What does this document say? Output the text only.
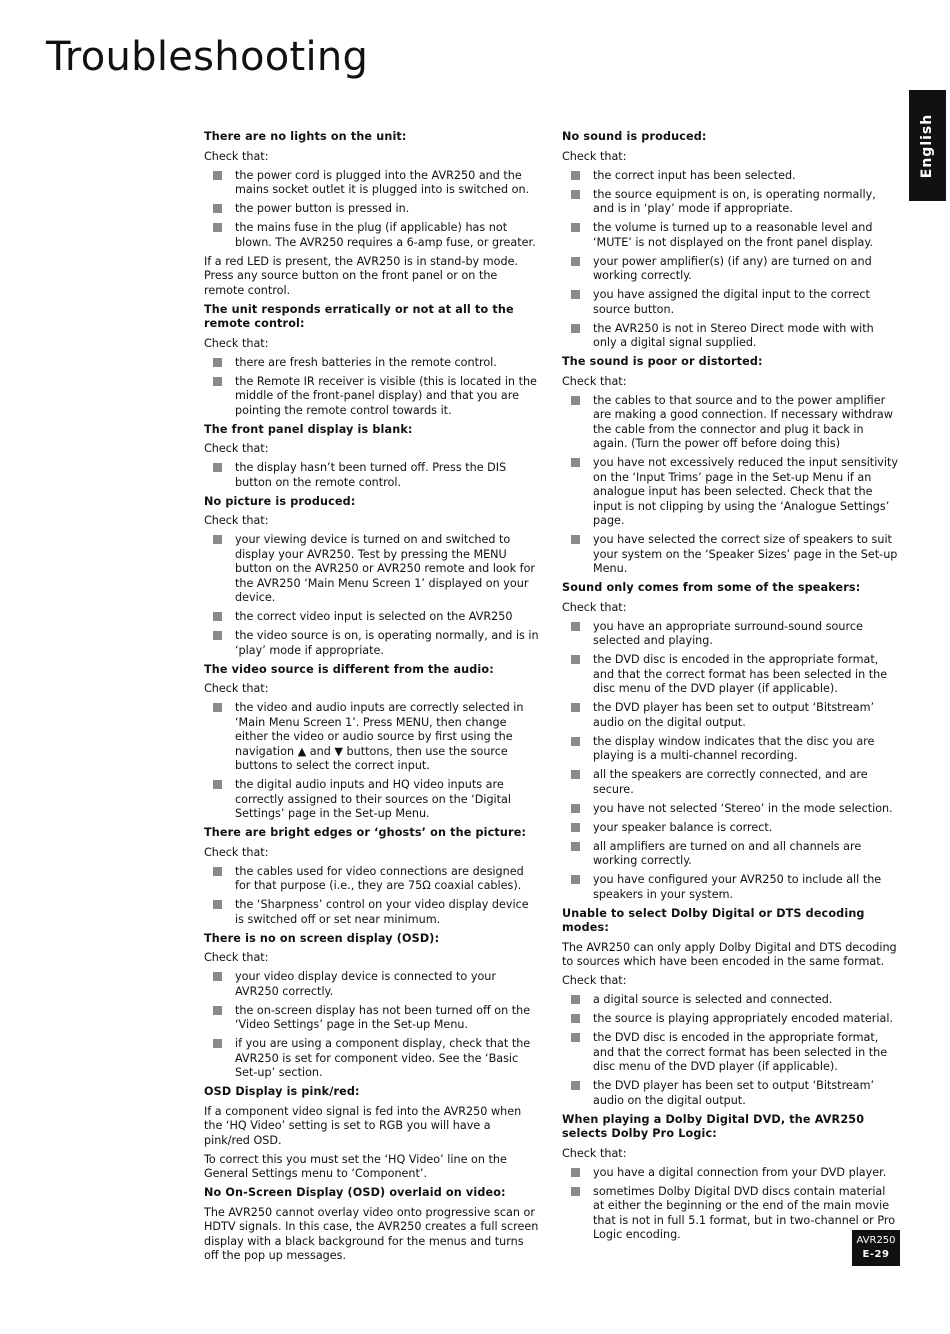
Troubleshooting
English
There are no lights on the unit:
Check that:
the power cord is plugged into the AVR250 and the mains socket outlet it is plugged into is switched on.
the power button is pressed in.
the mains fuse in the plug (if applicable) has not blown. The AVR250 requires a 6-amp fuse, or greater.
If a red LED is present, the AVR250 is in stand-by mode. Press any source button on the front panel or on the remote control.
The unit responds erratically or not at all to the remote control:
Check that:
there are fresh batteries in the remote control.
the Remote IR receiver is visible (this is located in the middle of the front-panel display) and that you are pointing the remote control towards it.
The front panel display is blank:
Check that:
the display hasn’t been turned off. Press the DIS button on the remote control.
No picture is produced:
Check that:
your viewing device is turned on and switched to display your AVR250. Test by pressing the MENU button on the AVR250 or AVR250 remote and look for the AVR250 ‘Main Menu Screen 1’ displayed on your device.
the correct video input is selected on the AVR250
the video source is on, is operating normally, and is in ‘play’ mode if appropriate.
The video source is different from the audio:
Check that:
the video and audio inputs are correctly selected in ‘Main Menu Screen 1’. Press MENU, then change either the video or audio source by first using the navigation ▲ and ▼ buttons, then use the source buttons to select the correct input.
the digital audio inputs and HQ video inputs are correctly assigned to their sources on the ‘Digital Settings’ page in the Set-up Menu.
There are bright edges or ‘ghosts’ on the picture:
Check that:
the cables used for video connections are designed for that purpose (i.e., they are 75Ω coaxial cables).
the ‘Sharpness’ control on your video display device is switched off or set near minimum.
There is no on screen display (OSD):
Check that:
your video display device is connected to your AVR250 correctly.
the on-screen display has not been turned off on the ‘Video Settings’ page in the Set-up Menu.
if you are using a component display, check that the AVR250 is set for component video. See the ‘Basic Set-up’ section.
OSD Display is pink/red:
If a component video signal is fed into the AVR250 when the ‘HQ Video’ setting is set to RGB you will have a pink/red OSD.
To correct this you must set the ‘HQ Video’ line on the General Settings menu to ‘Component’.
No On-Screen Display (OSD) overlaid on video:
The AVR250 cannot overlay video onto progressive scan or HDTV signals. In this case, the AVR250 creates a full screen display with a black background for the menus and turns off the pop up messages.
No sound is produced:
Check that:
the correct input has been selected.
the source equipment is on, is operating normally, and is in ‘play’ mode if appropriate.
the volume is turned up to a reasonable level and ‘MUTE’ is not displayed on the front panel display.
your power amplifier(s) (if any) are turned on and working correctly.
you have assigned the digital input to the correct source button.
the AVR250 is not in Stereo Direct mode with with only a digital signal supplied.
The sound is poor or distorted:
Check that:
the cables to that source and to the power amplifier are making a good connection. If necessary withdraw the cable from the connector and plug it back in again. (Turn the power off before doing this)
you have not excessively reduced the input sensitivity on the ‘Input Trims’ page in the Set-up Menu if an analogue input has been selected. Check that the input is not clipping by using the ‘Analogue Settings’ page.
you have selected the correct size of speakers to suit your system on the ‘Speaker Sizes’ page in the Set-up Menu.
Sound only comes from some of the speakers:
Check that:
you have an appropriate surround-sound source selected and playing.
the DVD disc is encoded in the appropriate format, and that the correct format has been selected in the disc menu of the DVD player (if applicable).
the DVD player has been set to output ‘Bitstream’ audio on the digital output.
the display window indicates that the disc you are playing is a multi-channel recording.
all the speakers are correctly connected, and are secure.
you have not selected ‘Stereo’ in the mode selection.
your speaker balance is correct.
all amplifiers are turned on and all channels are working correctly.
you have configured your AVR250 to include all the speakers in your system.
Unable to select Dolby Digital or DTS decoding modes:
The AVR250 can only apply Dolby Digital and DTS decoding to sources which have been encoded in the same format.
Check that:
a digital source is selected and connected.
the source is playing appropriately encoded material.
the DVD disc is encoded in the appropriate format, and that the correct format has been selected in the disc menu of the DVD player (if applicable).
the DVD player has been set to output ‘Bitstream’ audio on the digital output.
When playing a Dolby Digital DVD, the AVR250 selects Dolby Pro Logic:
Check that:
you have a digital connection from your DVD player.
sometimes Dolby Digital DVD discs contain material at either the beginning or the end of the main movie that is not in full 5.1 format, but in two-channel or Pro Logic encoding.	AVR250
E-29
